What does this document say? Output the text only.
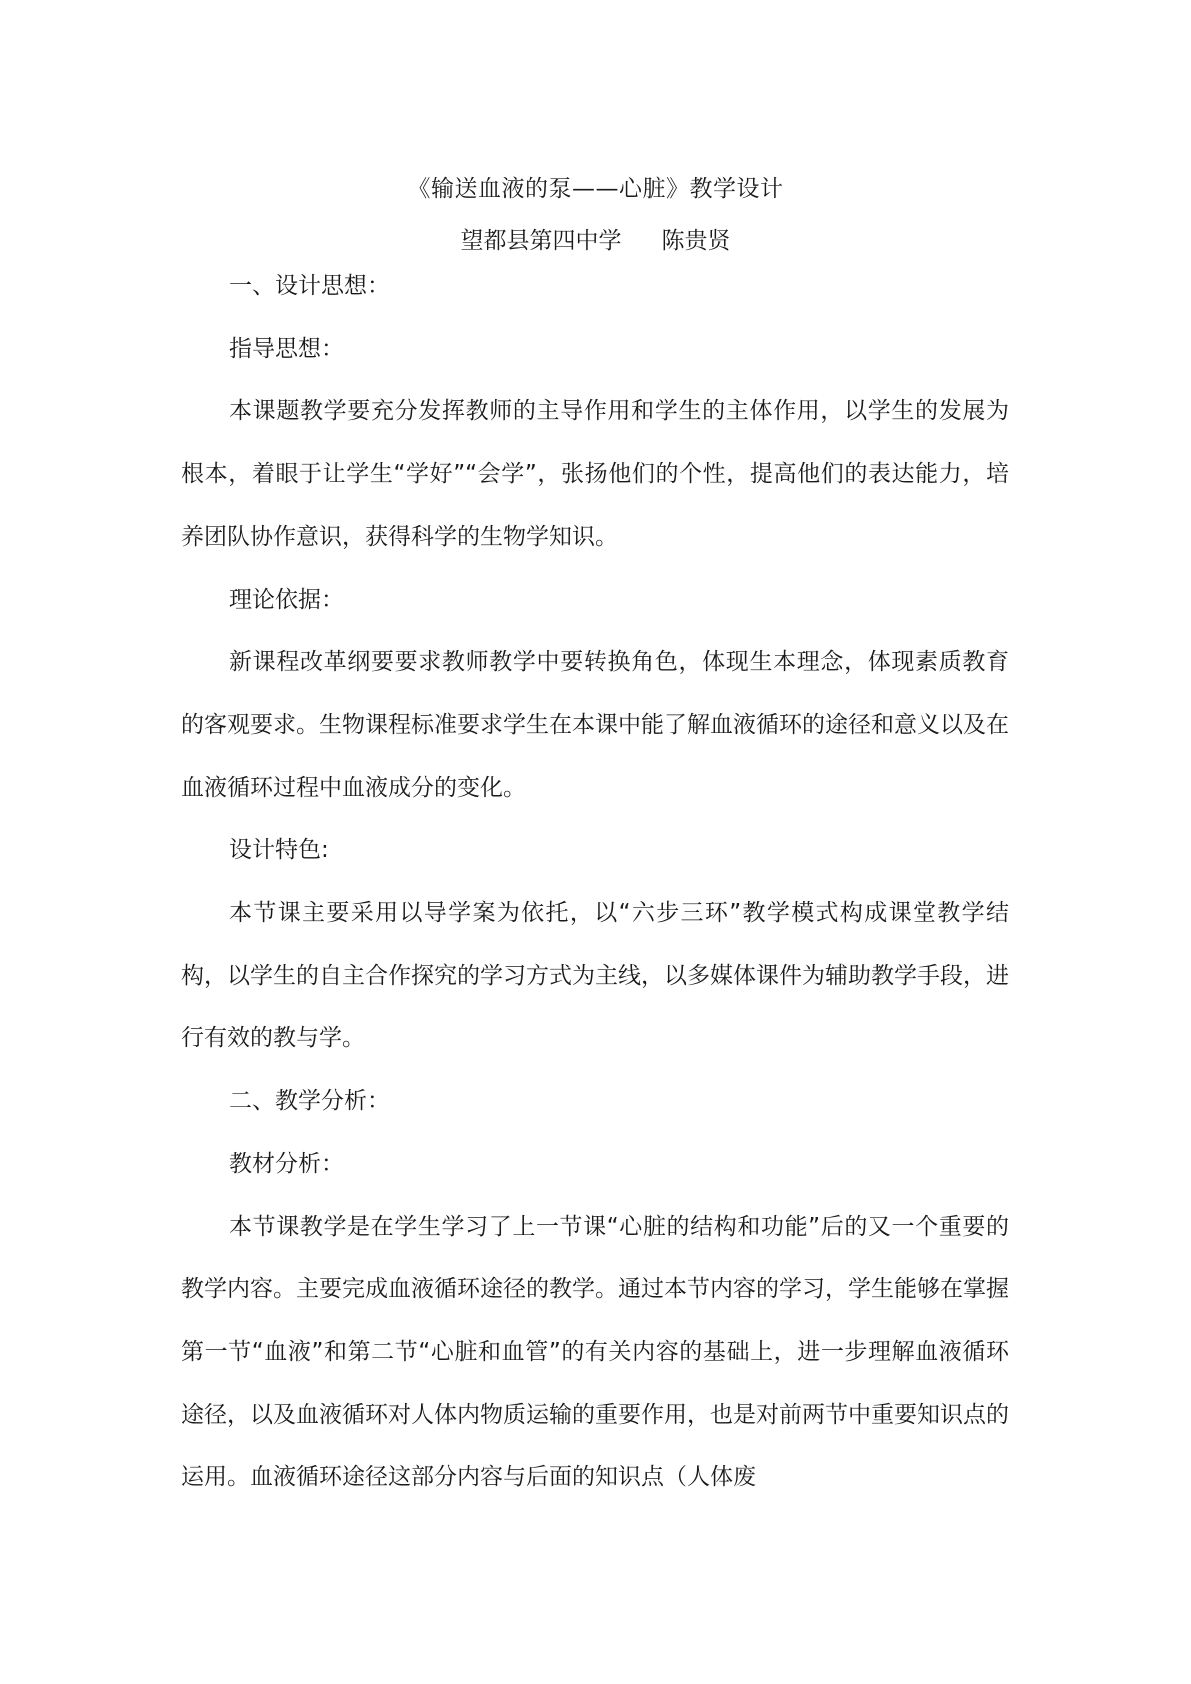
《输送血液的泵——心脏》教学设计
望都县第四中学 陈贵贤

一、设计思想：

指导思想：

本课题教学要充分发挥教师的主导作用和学生的主体作用，以学生的发展为根本，着眼于让学生“学好”“会学”，张扬他们的个性，提高他们的表达能力，培养团队协作意识，获得科学的生物学知识。

理论依据：

新课程改革纲要要求教师教学中要转换角色，体现生本理念，体现素质教育的客观要求。生物课程标准要求学生在本课中能了解血液循环的途径和意义以及在血液循环过程中血液成分的变化。

设计特色:

本节课主要采用以导学案为依托，以“六步三环”教学模式构成课堂教学结构，以学生的自主合作探究的学习方式为主线，以多媒体课件为辅助教学手段，进行有效的教与学。

二、教学分析：

教材分析：

本节课教学是在学生学习了上一节课“心脏的结构和功能”后的又一个重要的教学内容。主要完成血液循环途径的教学。通过本节内容的学习，学生能够在掌握第一节“血液”和第二节“心脏和血管”的有关内容的基础上，进一步理解血液循环途径，以及血液循环对人体内物质运输的重要作用，也是对前两节中重要知识点的运用。血液循环途径这部分内容与后面的知识点（人体废
